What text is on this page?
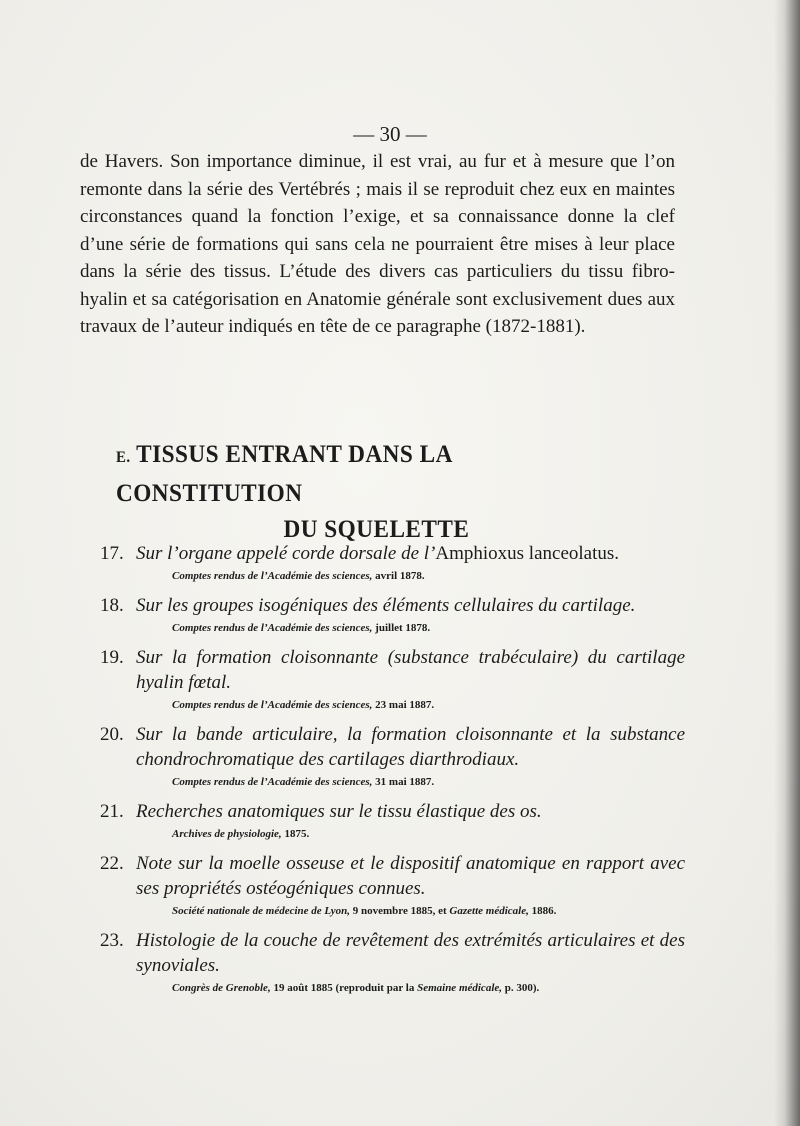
— 30 —

de Havers. Son importance diminue, il est vrai, au fur et à mesure que l’on remonte dans la série des Vertébrés ; mais il se reproduit chez eux en maintes circonstances quand la fonction l’exige, et sa connaissance donne la clef d’une série de formations qui sans cela ne pourraient être mises à leur place dans la série des tissus. L’étude des divers cas particuliers du tissu fibro-hyalin et sa catégorisation en Anatomie générale sont exclusivement dues aux travaux de l’auteur indiqués en tête de ce paragraphe (1872-1881).

E. TISSUS ENTRANT DANS LA CONSTITUTION
DU SQUELETTE
17. Sur l’organe appelé corde dorsale de l’Amphioxus lanceolatus.
Comptes rendus de l’Académie des sciences, avril 1878.
18. Sur les groupes isogéniques des éléments cellulaires du cartilage.
Comptes rendus de l’Académie des sciences, juillet 1878.
19. Sur la formation cloisonnante (substance trabéculaire) du cartilage hyalin fœtal.
Comptes rendus de l’Académie des sciences, 23 mai 1887.
20. Sur la bande articulaire, la formation cloisonnante et la substance chondrochromatique des cartilages diarthrodiaux.
Comptes rendus de l’Académie des sciences, 31 mai 1887.
21. Recherches anatomiques sur le tissu élastique des os.
Archives de physiologie, 1875.
22. Note sur la moelle osseuse et le dispositif anatomique en rapport avec ses propriétés ostéogéniques connues.
Société nationale de médecine de Lyon, 9 novembre 1885, et Gazette médicale, 1886.
23. Histologie de la couche de revêtement des extrémités articulaires et des synoviales.
Congrès de Grenoble, 19 août 1885 (reproduit par la Semaine médicale, p. 300).
